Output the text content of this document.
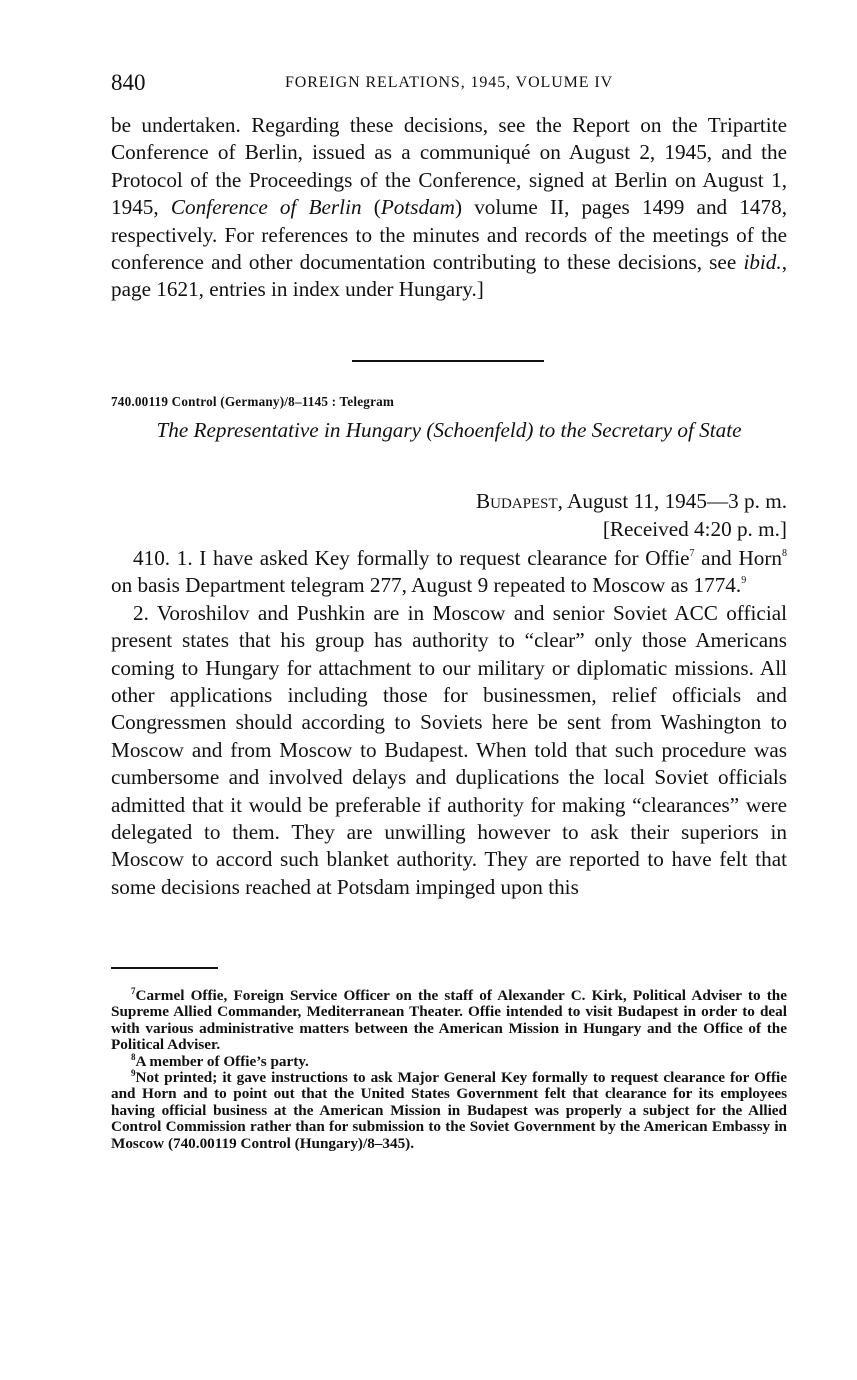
840	FOREIGN RELATIONS, 1945, VOLUME IV

be undertaken. Regarding these decisions, see the Report on the Tripartite Conference of Berlin, issued as a communiqué on August 2, 1945, and the Protocol of the Proceedings of the Conference, signed at Berlin on August 1, 1945, Conference of Berlin (Potsdam) volume II, pages 1499 and 1478, respectively. For references to the minutes and records of the meetings of the conference and other documentation contributing to these decisions, see ibid., page 1621, entries in index under Hungary.]

740.00119 Control (Germany)/8–1145 : Telegram
The Representative in Hungary (Schoenfeld) to the Secretary of State
Budapest, August 11, 1945—3 p. m.
[Received 4:20 p. m.]

410. 1. I have asked Key formally to request clearance for Offie$^7$ and Horn$^8$ on basis Department telegram 277, August 9 repeated to Moscow as 1774.$^9$

2. Voroshilov and Pushkin are in Moscow and senior Soviet ACC official present states that his group has authority to “clear” only those Americans coming to Hungary for attachment to our military or diplomatic missions. All other applications including those for businessmen, relief officials and Congressmen should according to Soviets here be sent from Washington to Moscow and from Moscow to Budapest. When told that such procedure was cumbersome and involved delays and duplications the local Soviet officials admitted that it would be preferable if authority for making “clearances” were delegated to them. They are unwilling however to ask their superiors in Moscow to accord such blanket authority. They are reported to have felt that some decisions reached at Potsdam impinged upon this

$^7$Carmel Offie, Foreign Service Officer on the staff of Alexander C. Kirk, Political Adviser to the Supreme Allied Commander, Mediterranean Theater. Offie intended to visit Budapest in order to deal with various administrative matters between the American Mission in Hungary and the Office of the Political Adviser.

$^8$A member of Offie’s party.

$^9$Not printed; it gave instructions to ask Major General Key formally to request clearance for Offie and Horn and to point out that the United States Government felt that clearance for its employees having official business at the American Mission in Budapest was properly a subject for the Allied Control Commission rather than for submission to the Soviet Government by the American Embassy in Moscow (740.00119 Control (Hungary)/8–345).
